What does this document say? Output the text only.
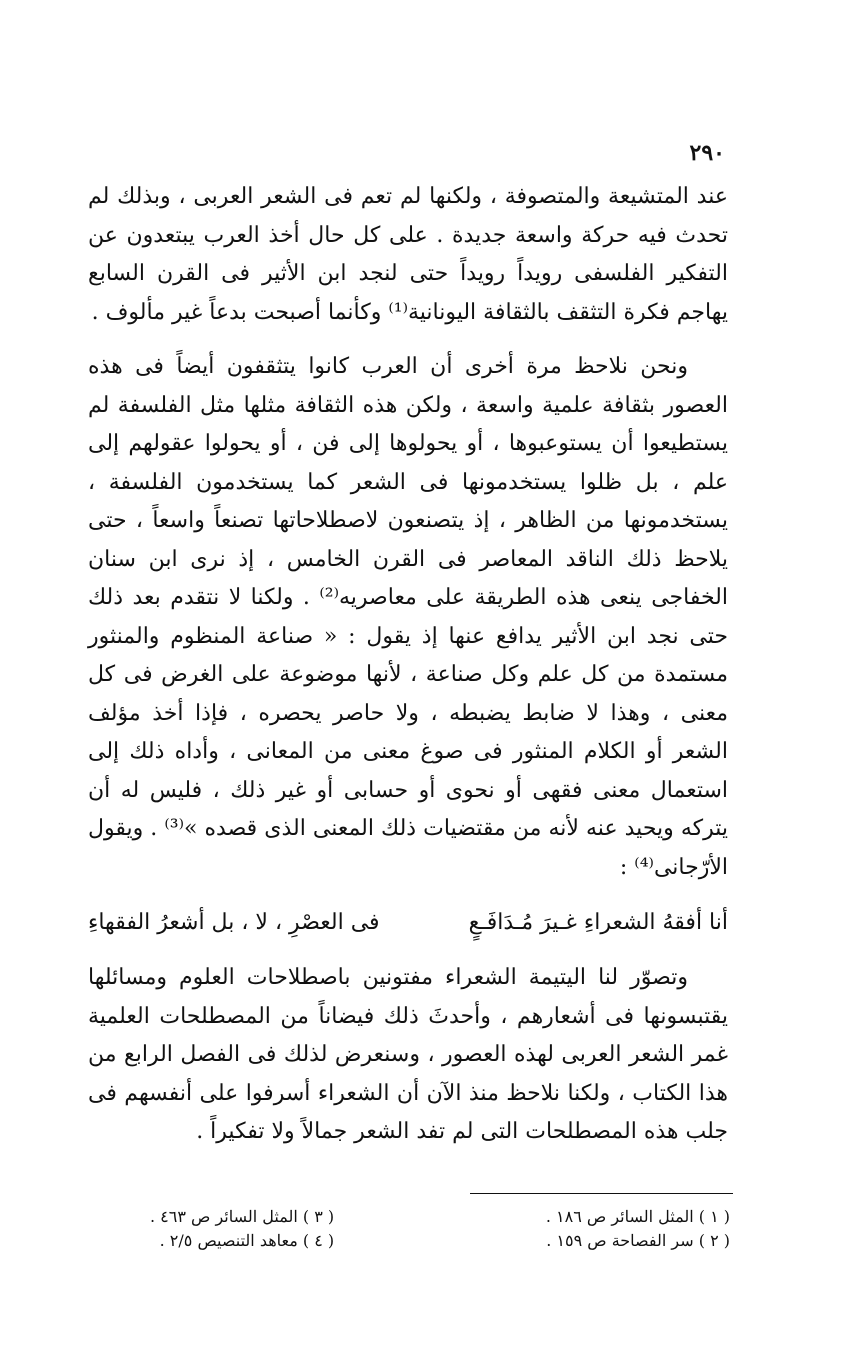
٢٩٠

عند المتشيعة والمتصوفة ، ولكنها لم تعم فى الشعر العربى ، وبذلك لم تحدث فيه حركة واسعة جديدة . على كل حال أخذ العرب يبتعدون عن التفكير الفلسفى رويداً رويداً حتى لنجد ابن الأثير فى القرن السابع يهاجم فكرة التثقف بالثقافة اليونانية⁽¹⁾ وكأنما أصبحت بدعاً غير مألوف .

ونحن نلاحظ مرة أخرى أن العرب كانوا يتثقفون أيضاً فى هذه العصور بثقافة علمية واسعة ، ولكن هذه الثقافة مثلها مثل الفلسفة لم يستطيعوا أن يستوعبوها ، أو يحولوها إلى فن ، أو يحولوا عقولهم إلى علم ، بل ظلوا يستخدمونها فى الشعر كما يستخدمون الفلسفة ، يستخدمونها من الظاهر ، إذ يتصنعون لاصطلاحاتها تصنعاً واسعاً ، حتى يلاحظ ذلك الناقد المعاصر فى القرن الخامس ، إذ نرى ابن سنان الخفاجى ينعى هذه الطريقة على معاصريه⁽²⁾ . ولكنا لا نتقدم بعد ذلك حتى نجد ابن الأثير يدافع عنها إذ يقول : « صناعة المنظوم والمنثور مستمدة من كل علم وكل صناعة ، لأنها موضوعة على الغرض فى كل معنى ، وهذا لا ضابط يضبطه ، ولا حاصر يحصره ، فإذا أخذ مؤلف الشعر أو الكلام المنثور فى صوغ معنى من المعانى ، وأداه ذلك إلى استعمال معنى فقهى أو نحوى أو حسابى أو غير ذلك ، فليس له أن يتركه ويحيد عنه لأنه من مقتضيات ذلك المعنى الذى قصده »⁽³⁾ . ويقول الأرّجانى⁽⁴⁾ :

أنا أفقهُ الشعراءِ غـيرَ مُـدَافَـعٍ
فى العصْرِ ، لا ، بل أشعرُ الفقهاءِ

وتصوّر لنا اليتيمة الشعراء مفتونين باصطلاحات العلوم ومسائلها يقتبسونها فى أشعارهم ، وأحدثَ ذلك فيضاناً من المصطلحات العلمية غمر الشعر العربى لهذه العصور ، وسنعرض لذلك فى الفصل الرابع من هذا الكتاب ، ولكنا نلاحظ منذ الآن أن الشعراء أسرفوا على أنفسهم فى جلب هذه المصطلحات التى لم تفد الشعر جمالاً ولا تفكيراً .

( ١ ) المثل السائر ص ١٨٦ .
( ٢ ) سر الفصاحة ص ١٥٩ .
( ٣ ) المثل السائر ص ٤٦٣ .
( ٤ ) معاهد التنصيص ٢/٥ .
